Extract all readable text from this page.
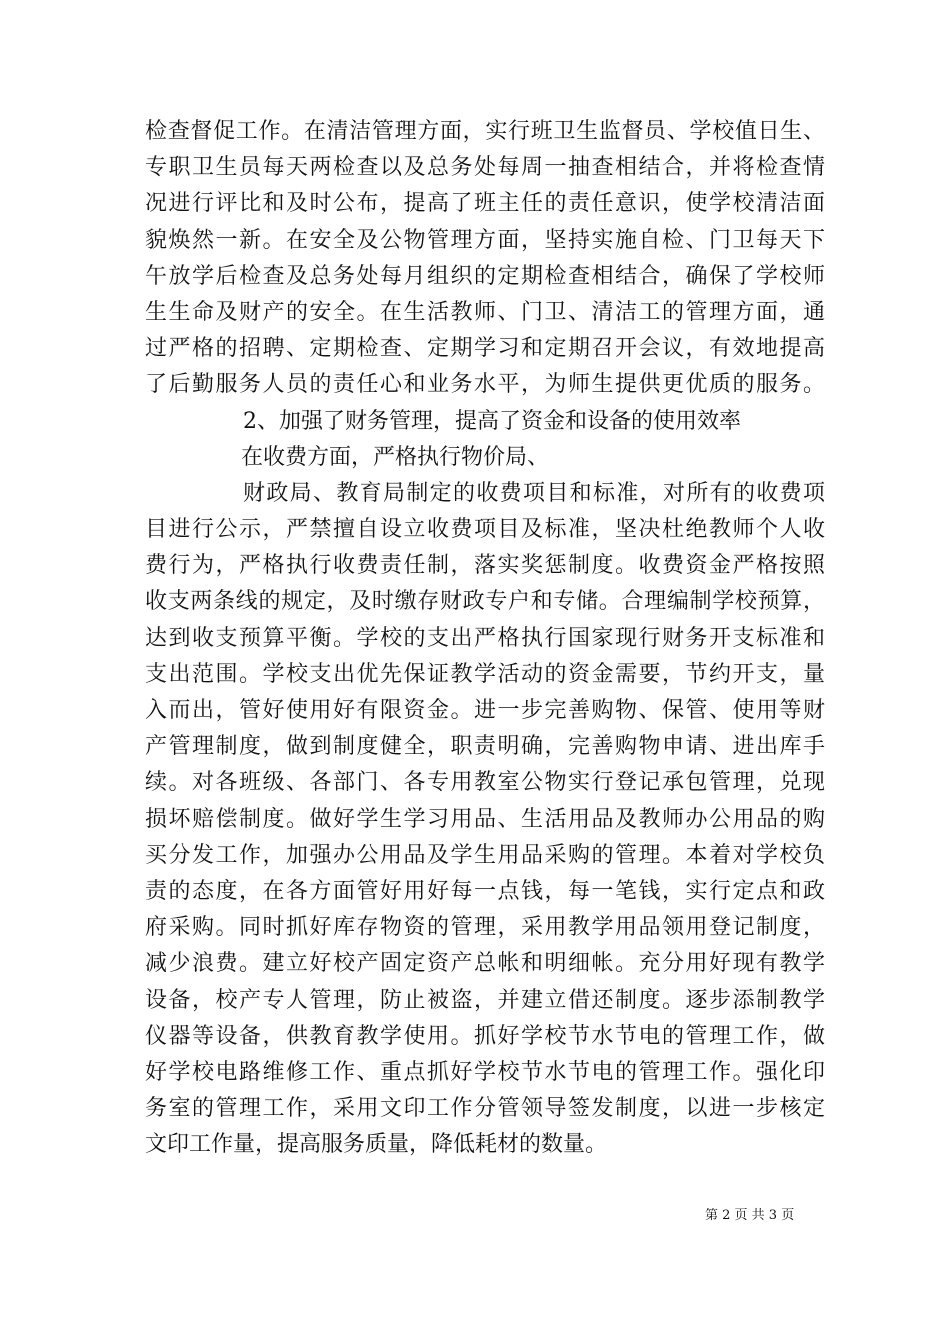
检查督促工作。在清洁管理方面，实行班卫生监督员、学校值日生、
专职卫生员每天两检查以及总务处每周一抽查相结合，并将检查情
况进行评比和及时公布，提高了班主任的责任意识，使学校清洁面
貌焕然一新。在安全及公物管理方面，坚持实施自检、门卫每天下
午放学后检查及总务处每月组织的定期检查相结合，确保了学校师
生生命及财产的安全。在生活教师、门卫、清洁工的管理方面，通
过严格的招聘、定期检查、定期学习和定期召开会议，有效地提高
了后勤服务人员的责任心和业务水平，为师生提供更优质的服务。
2、加强了财务管理，提高了资金和设备的使用效率
在收费方面，严格执行物价局、
财政局、教育局制定的收费项目和标准，对所有的收费项
目进行公示，严禁擅自设立收费项目及标准，坚决杜绝教师个人收
费行为，严格执行收费责任制，落实奖惩制度。收费资金严格按照
收支两条线的规定，及时缴存财政专户和专储。合理编制学校预算，
达到收支预算平衡。学校的支出严格执行国家现行财务开支标准和
支出范围。学校支出优先保证教学活动的资金需要，节约开支，量
入而出，管好使用好有限资金。进一步完善购物、保管、使用等财
产管理制度，做到制度健全，职责明确，完善购物申请、进出库手
续。对各班级、各部门、各专用教室公物实行登记承包管理，兑现
损坏赔偿制度。做好学生学习用品、生活用品及教师办公用品的购
买分发工作，加强办公用品及学生用品采购的管理。本着对学校负
责的态度，在各方面管好用好每一点钱，每一笔钱，实行定点和政
府采购。同时抓好库存物资的管理，采用教学用品领用登记制度，
减少浪费。建立好校产固定资产总帐和明细帐。充分用好现有教学
设备，校产专人管理，防止被盗，并建立借还制度。逐步添制教学
仪器等设备，供教育教学使用。抓好学校节水节电的管理工作，做
好学校电路维修工作、重点抓好学校节水节电的管理工作。强化印
务室的管理工作，采用文印工作分管领导签发制度，以进一步核定
文印工作量，提高服务质量，降低耗材的数量。
第 2 页 共 3 页
